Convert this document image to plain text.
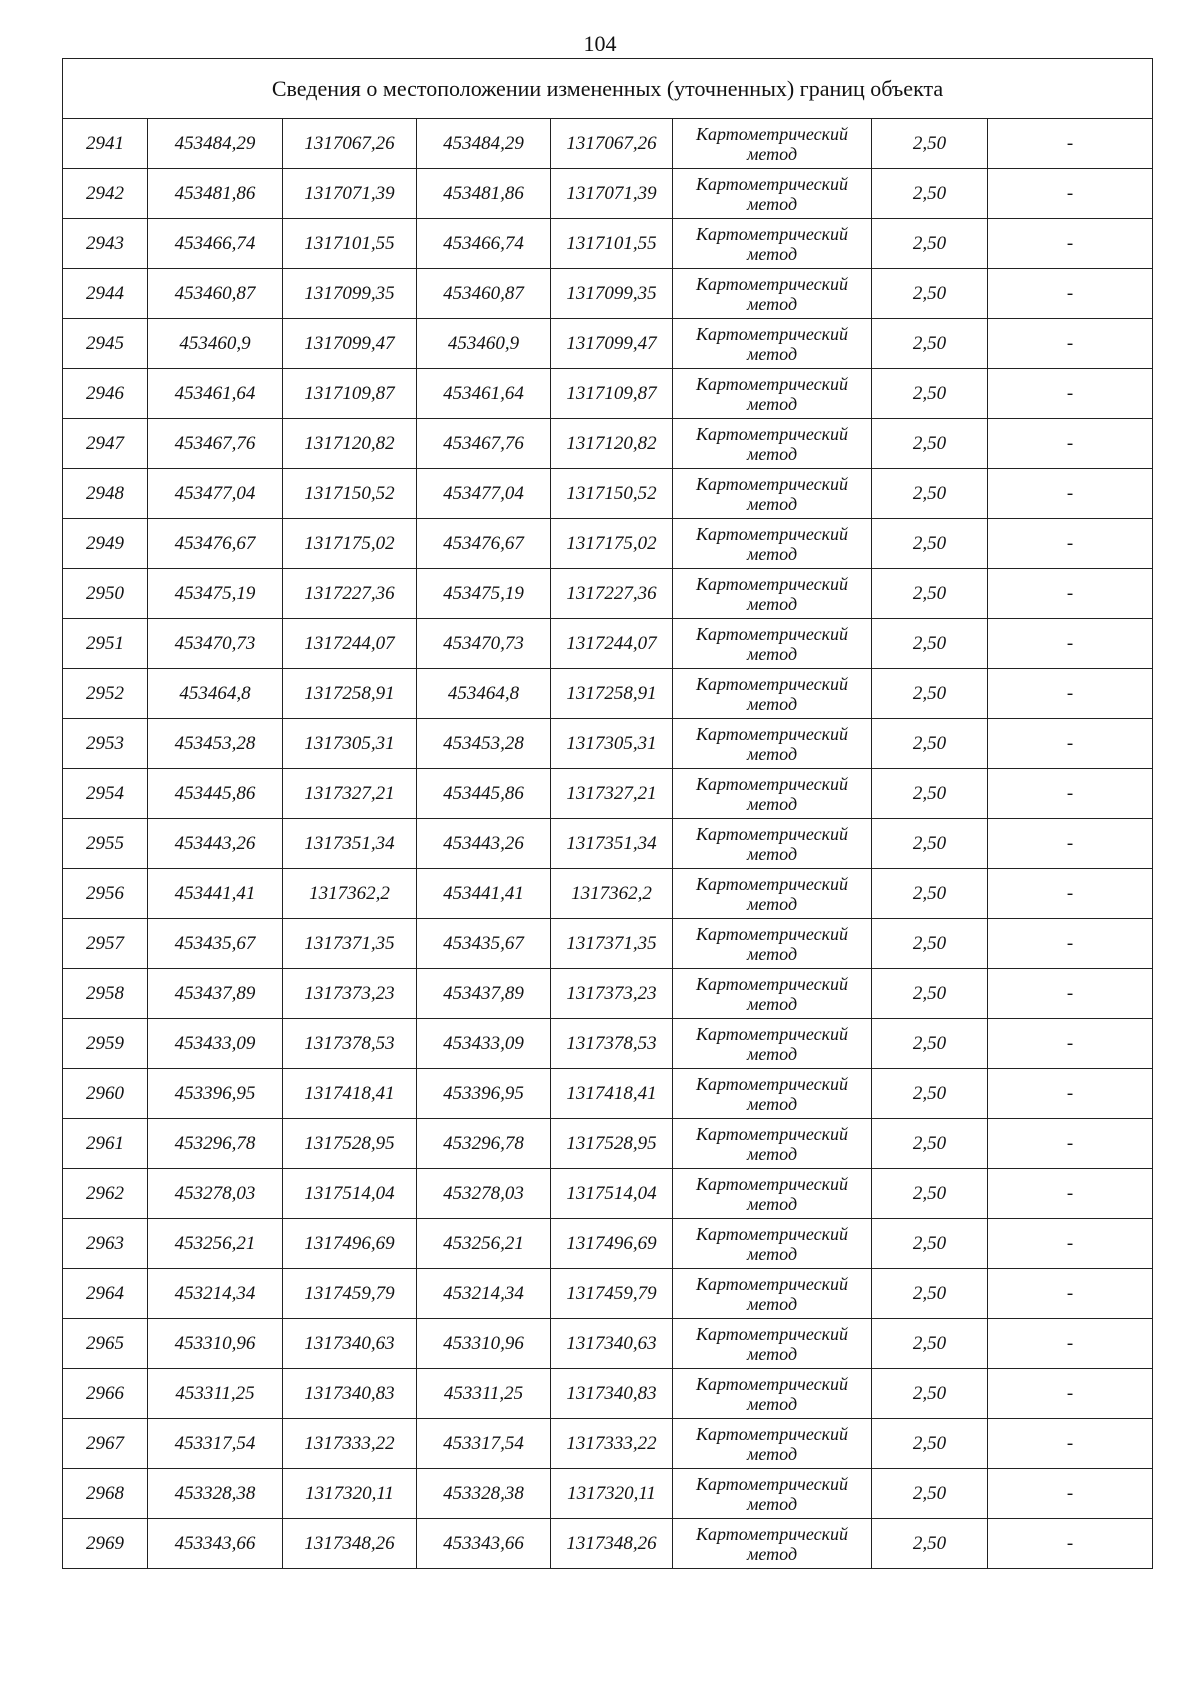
104
Сведения о местоположении измененных (уточненных) границ объекта							
2941	453484,29	1317067,26	453484,29	1317067,26	Картометрический
метод	2,50	-
2942	453481,86	1317071,39	453481,86	1317071,39	Картометрический
метод	2,50	-
2943	453466,74	1317101,55	453466,74	1317101,55	Картометрический
метод	2,50	-
2944	453460,87	1317099,35	453460,87	1317099,35	Картометрический
метод	2,50	-
2945	453460,9	1317099,47	453460,9	1317099,47	Картометрический
метод	2,50	-
2946	453461,64	1317109,87	453461,64	1317109,87	Картометрический
метод	2,50	-
2947	453467,76	1317120,82	453467,76	1317120,82	Картометрический
метод	2,50	-
2948	453477,04	1317150,52	453477,04	1317150,52	Картометрический
метод	2,50	-
2949	453476,67	1317175,02	453476,67	1317175,02	Картометрический
метод	2,50	-
2950	453475,19	1317227,36	453475,19	1317227,36	Картометрический
метод	2,50	-
2951	453470,73	1317244,07	453470,73	1317244,07	Картометрический
метод	2,50	-
2952	453464,8	1317258,91	453464,8	1317258,91	Картометрический
метод	2,50	-
2953	453453,28	1317305,31	453453,28	1317305,31	Картометрический
метод	2,50	-
2954	453445,86	1317327,21	453445,86	1317327,21	Картометрический
метод	2,50	-
2955	453443,26	1317351,34	453443,26	1317351,34	Картометрический
метод	2,50	-
2956	453441,41	1317362,2	453441,41	1317362,2	Картометрический
метод	2,50	-
2957	453435,67	1317371,35	453435,67	1317371,35	Картометрический
метод	2,50	-
2958	453437,89	1317373,23	453437,89	1317373,23	Картометрический
метод	2,50	-
2959	453433,09	1317378,53	453433,09	1317378,53	Картометрический
метод	2,50	-
2960	453396,95	1317418,41	453396,95	1317418,41	Картометрический
метод	2,50	-
2961	453296,78	1317528,95	453296,78	1317528,95	Картометрический
метод	2,50	-
2962	453278,03	1317514,04	453278,03	1317514,04	Картометрический
метод	2,50	-
2963	453256,21	1317496,69	453256,21	1317496,69	Картометрический
метод	2,50	-
2964	453214,34	1317459,79	453214,34	1317459,79	Картометрический
метод	2,50	-
2965	453310,96	1317340,63	453310,96	1317340,63	Картометрический
метод	2,50	-
2966	453311,25	1317340,83	453311,25	1317340,83	Картометрический
метод	2,50	-
2967	453317,54	1317333,22	453317,54	1317333,22	Картометрический
метод	2,50	-
2968	453328,38	1317320,11	453328,38	1317320,11	Картометрический
метод	2,50	-
2969	453343,66	1317348,26	453343,66	1317348,26	Картометрический
метод	2,50	-
